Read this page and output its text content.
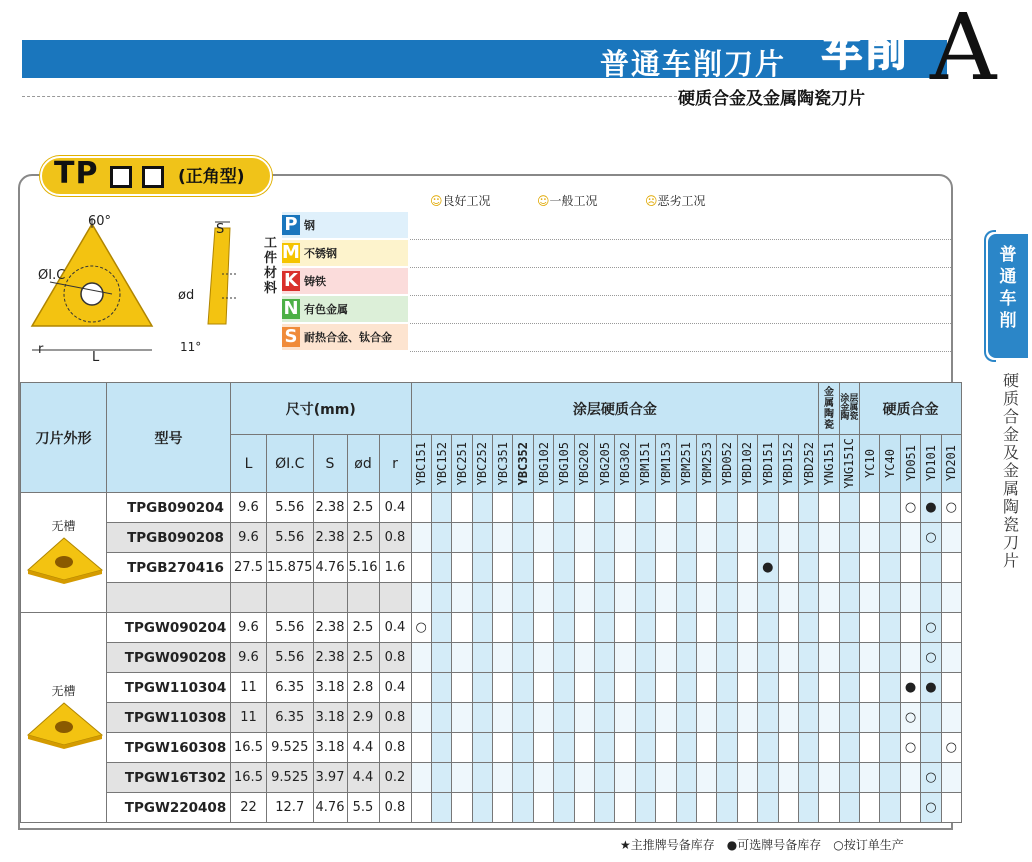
普通车削刀片 车削 A
硬质合金及金属陶瓷刀片
普通车削
硬质合金及金属陶瓷刀片
TP	(正角型)
60°
ØI.C
L
r
S
ød
11°
工件材料
☺良好工况	☺一般工况	☹恶劣工况
刀片外形	型号	尺寸(mm)					涂层硬质合金																				金属陶瓷	涂层金属陶瓷	硬质合金				
		L	ØI.C	S	ød	r	YBC151	YBC152	YBC251	YBC252	YBC351	YBC352	YBG102	YBG105	YBG202	YBG205	YBG302	YBM151	YBM153	YBM251	YBM253	YBD052	YBD102	YBD151	YBD152	YBD252	YNG151	YNG151C	YC10	YC40	YD051	YD101	YD201

无槽	TPGB090204	9.6	5.56	2.38	2.5	0.4																									○	●	○
	TPGB090208	9.6	5.56	2.38	2.5	0.8																										○	
	TPGB270416	27.5	15.875	4.76	5.16	1.6																		●									

无槽	TPGW090204	9.6	5.56	2.38	2.5	0.4	○																									○	
	TPGW090208	9.6	5.56	2.38	2.5	0.8																										○	
	TPGW110304	11	6.35	3.18	2.8	0.4																									●	●	
	TPGW110308	11	6.35	3.18	2.9	0.8																									○		
	TPGW160308	16.5	9.525	3.18	4.4	0.8																									○		○
	TPGW16T302	16.5	9.525	3.97	4.4	0.2																										○	
	TPGW220408	22	12.7	4.76	5.5	0.8																										○	
★主推牌号备库存　●可选牌号备库存　○按订单生产
P 钢
M 不锈钢
K 铸铁
N 有色金属
S 耐热合金、钛合金
